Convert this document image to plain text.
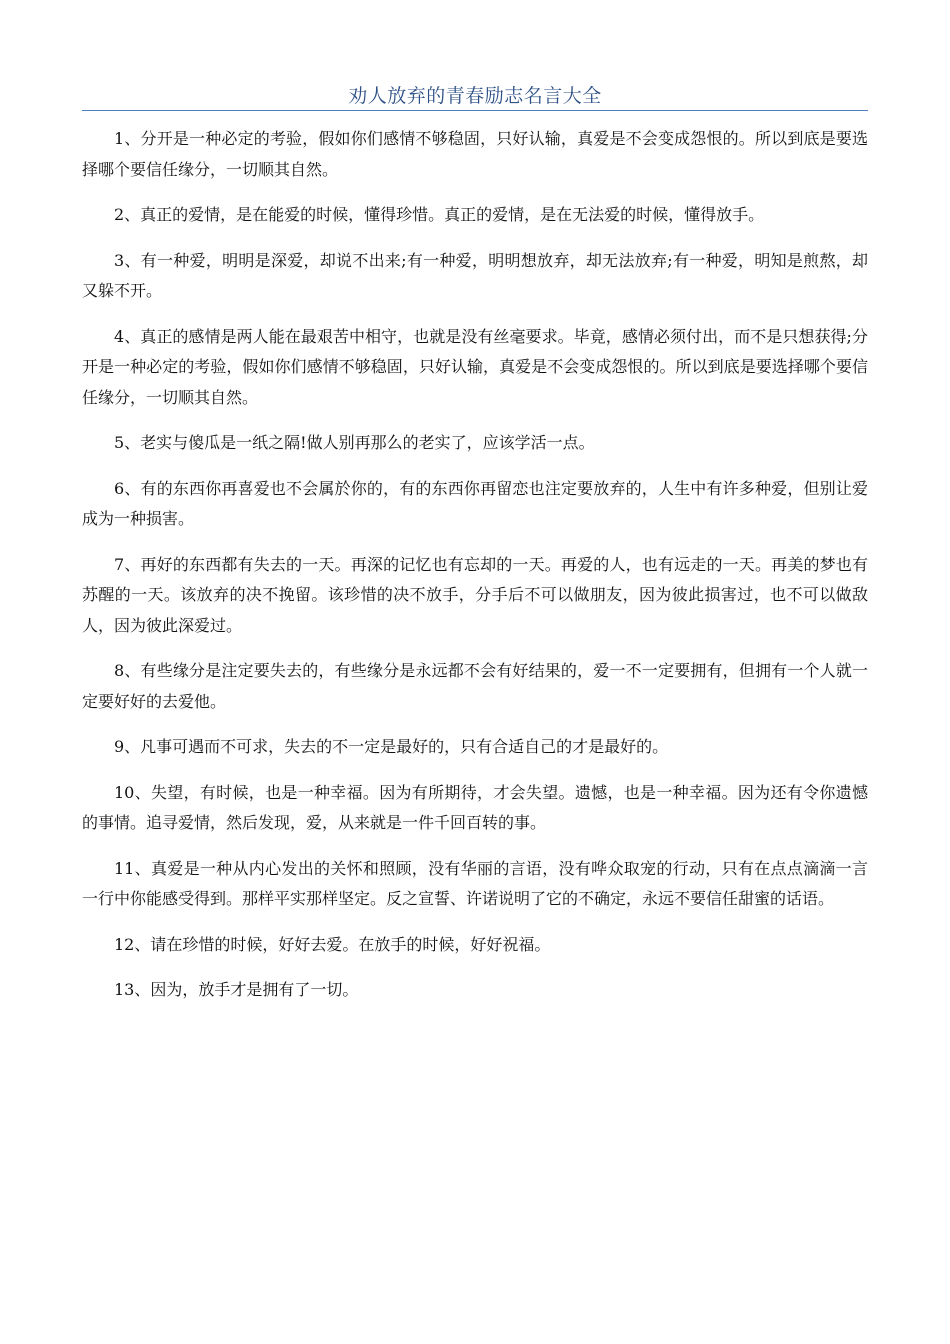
劝人放弃的青春励志名言大全

1、分开是一种必定的考验，假如你们感情不够稳固，只好认输，真爱是不会变成怨恨的。所以到底是要选择哪个要信任缘分，一切顺其自然。

2、真正的爱情，是在能爱的时候，懂得珍惜。真正的爱情，是在无法爱的时候，懂得放手。

3、有一种爱，明明是深爱，却说不出来;有一种爱，明明想放弃，却无法放弃;有一种爱，明知是煎熬，却又躲不开。

4、真正的感情是两人能在最艰苦中相守，也就是没有丝毫要求。毕竟，感情必须付出，而不是只想获得;分开是一种必定的考验，假如你们感情不够稳固，只好认输，真爱是不会变成怨恨的。所以到底是要选择哪个要信任缘分，一切顺其自然。

5、老实与傻瓜是一纸之隔!做人别再那么的老实了，应该学活一点。

6、有的东西你再喜爱也不会属於你的，有的东西你再留恋也注定要放弃的，人生中有许多种爱，但别让爱成为一种损害。

7、再好的东西都有失去的一天。再深的记忆也有忘却的一天。再爱的人，也有远走的一天。再美的梦也有苏醒的一天。该放弃的决不挽留。该珍惜的决不放手，分手后不可以做朋友，因为彼此损害过，也不可以做敌人，因为彼此深爱过。

8、有些缘分是注定要失去的，有些缘分是永远都不会有好结果的，爱一不一定要拥有，但拥有一个人就一定要好好的去爱他。

9、凡事可遇而不可求，失去的不一定是最好的，只有合适自己的才是最好的。

10、失望，有时候，也是一种幸福。因为有所期待，才会失望。遗憾，也是一种幸福。因为还有令你遗憾的事情。追寻爱情，然后发现，爱，从来就是一件千回百转的事。

11、真爱是一种从内心发出的关怀和照顾，没有华丽的言语，没有哗众取宠的行动，只有在点点滴滴一言一行中你能感受得到。那样平实那样坚定。反之宣誓、许诺说明了它的不确定，永远不要信任甜蜜的话语。

12、请在珍惜的时候，好好去爱。在放手的时候，好好祝福。

13、因为，放手才是拥有了一切。
